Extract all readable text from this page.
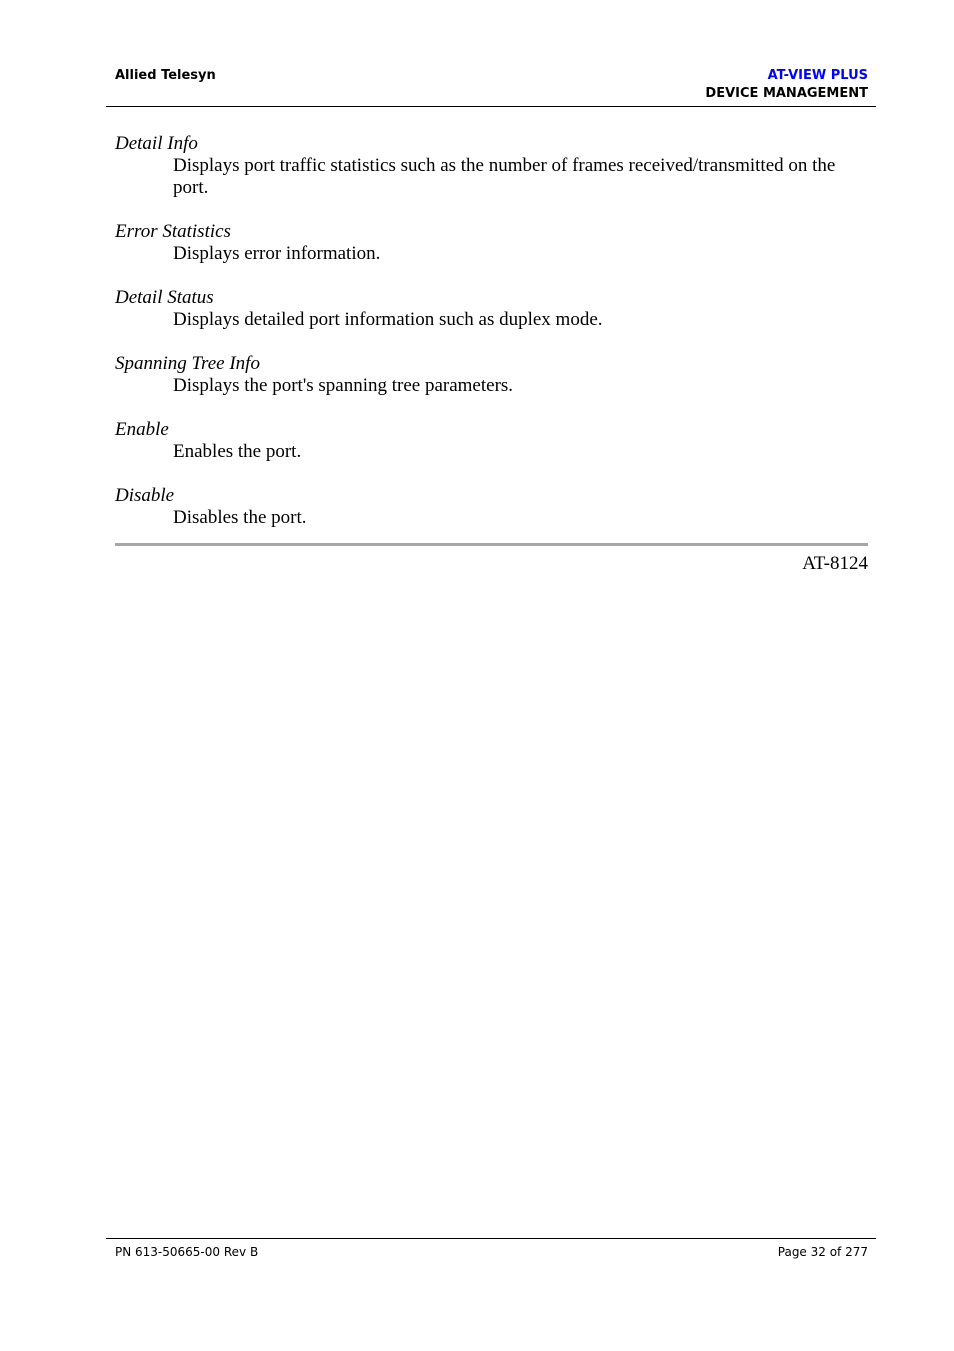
Allied Telesyn	AT-VIEW PLUS
DEVICE MANAGEMENT
Detail Info
Displays port traffic statistics such as the number of frames received/transmitted on the port.
Error Statistics
Displays error information.
Detail Status
Displays detailed port information such as duplex mode.
Spanning Tree Info
Displays the port's spanning tree parameters.
Enable
Enables the port.
Disable
Disables the port.
AT-8124
PN 613-50665-00 Rev B	Page 32 of 277
